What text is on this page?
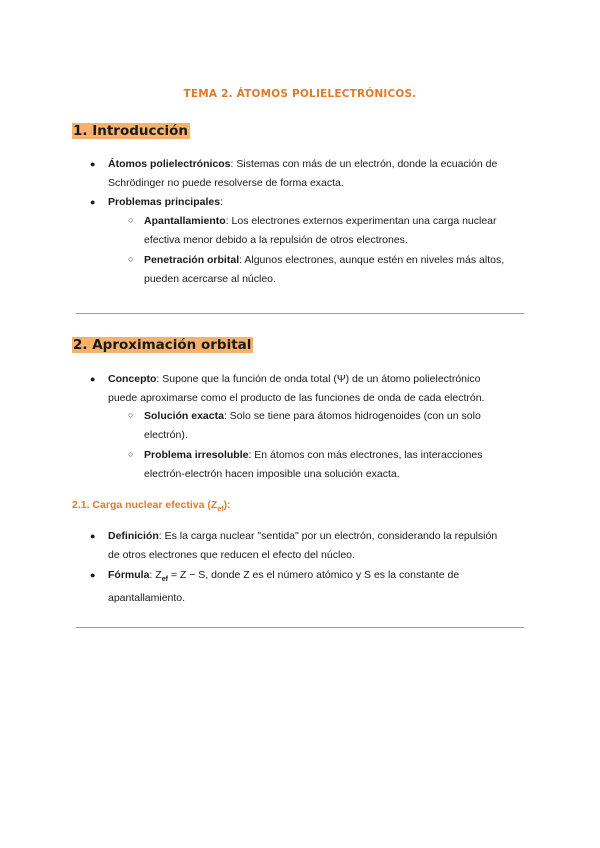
TEMA 2. ÁTOMOS POLIELECTRÓNICOS.
1. Introducción
● Átomos polielectrónicos: Sistemas con más de un electrón, donde la ecuación de
Schrödinger no puede resolverse de forma exacta.
● Problemas principales:
○ Apantallamiento: Los electrones externos experimentan una carga nuclear
efectiva menor debido a la repulsión de otros electrones.
○ Penetración orbital: Algunos electrones, aunque estén en niveles más altos,
pueden acercarse al núcleo.
2. Aproximación orbital
● Concepto: Supone que la función de onda total (Ψ) de un átomo polielectrónico
puede aproximarse como el producto de las funciones de onda de cada electrón.
○ Solución exacta: Solo se tiene para átomos hidrogenoides (con un solo
electrón).
○ Problema irresoluble: En átomos con más electrones, las interacciones
electrón-electrón hacen imposible una solución exacta.
2.1. Carga nuclear efectiva $(Z_{ef})$:
● Definición: Es la carga nuclear "sentida" por un electrón, considerando la repulsión
de otros electrones que reducen el efecto del núcleo.
● Fórmula: $Z_{ef} = Z - S$, donde Z es el número atómico y S es la constante de
apantallamiento.
